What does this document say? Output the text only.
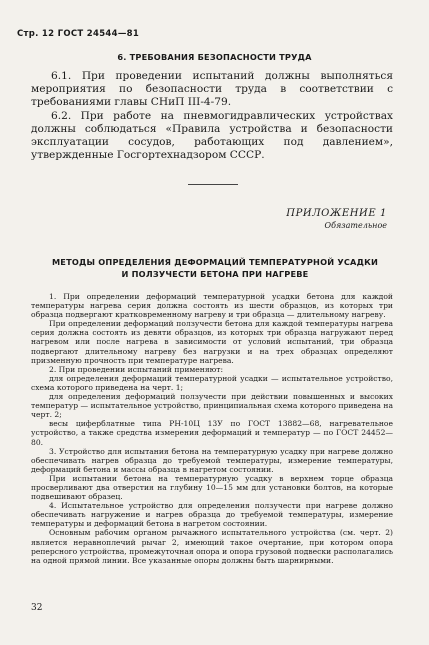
Стр. 12 ГОСТ 24544—81
6. ТРЕБОВАНИЯ БЕЗОПАСНОСТИ ТРУДА

6.1. При проведении испытаний должны выполняться мероприятия по безопасности труда в соответствии с требованиями главы СНиП III-4-79.

6.2. При работе на пневмогидравлических устройствах должны соблюдаться «Правила устройства и безопасности эксплуатации сосудов, работающих под давлением», утвержденные Госгортехнадзором СССР.

ПРИЛОЖЕНИЕ 1
Обязательное
МЕТОДЫ ОПРЕДЕЛЕНИЯ ДЕФОРМАЦИЙ ТЕМПЕРАТУРНОЙ УСАДКИ
И ПОЛЗУЧЕСТИ БЕТОНА ПРИ НАГРЕВЕ

1. При определении деформаций температурной усадки бетона для каждой температуры нагрева серия должна состоять из шести образцов, из которых три образца подвергают кратковременному нагреву и три образца — длительному нагреву.

При определении деформаций ползучести бетона для каждой температуры нагрева серия должна состоять из девяти образцов, из которых три образца нагружают перед нагревом или после нагрева в зависимости от условий испытаний, три образца подвергают длительному нагреву без нагрузки и на трех образцах определяют призменную прочность при температуре нагрева.

2. При проведении испытаний применяют:

для определения деформаций температурной усадки — испытательное устройство, схема которого приведена на черт. 1;

для определения деформаций ползучести при действии повышенных и высоких температур — испытательное устройство, принципиальная схема которого приведена на черт. 2;

весы циферблатные типа РН-10Ц 13У по ГОСТ 13882—68, нагревательное устройство, а также средства измерения деформаций и температур — по ГОСТ 24452—80.

3. Устройство для испытания бетона на температурную усадку при нагреве должно обеспечивать нагрев образца до требуемой температуры, измерение температуры, деформаций бетона и массы образца в нагретом состоянии.

При испытании бетона на температурную усадку в верхнем торце образца просверливают два отверстия на глубину 10—15 мм для установки болтов, на которые подвешивают образец.

4. Испытательное устройство для определения ползучести при нагреве должно обеспечивать нагружение и нагрев образца до требуемой температуры, измерение температуры и деформаций бетона в нагретом состоянии.

Основным рабочим органом рычажного испытательного устройства (см. черт. 2) является неравноплечий рычаг 2, имеющий такое очертание, при котором опора реперсного устройства, промежуточная опора и опора грузовой подвески располагались на одной прямой линии. Все указанные опоры должны быть шарнирными.

32
